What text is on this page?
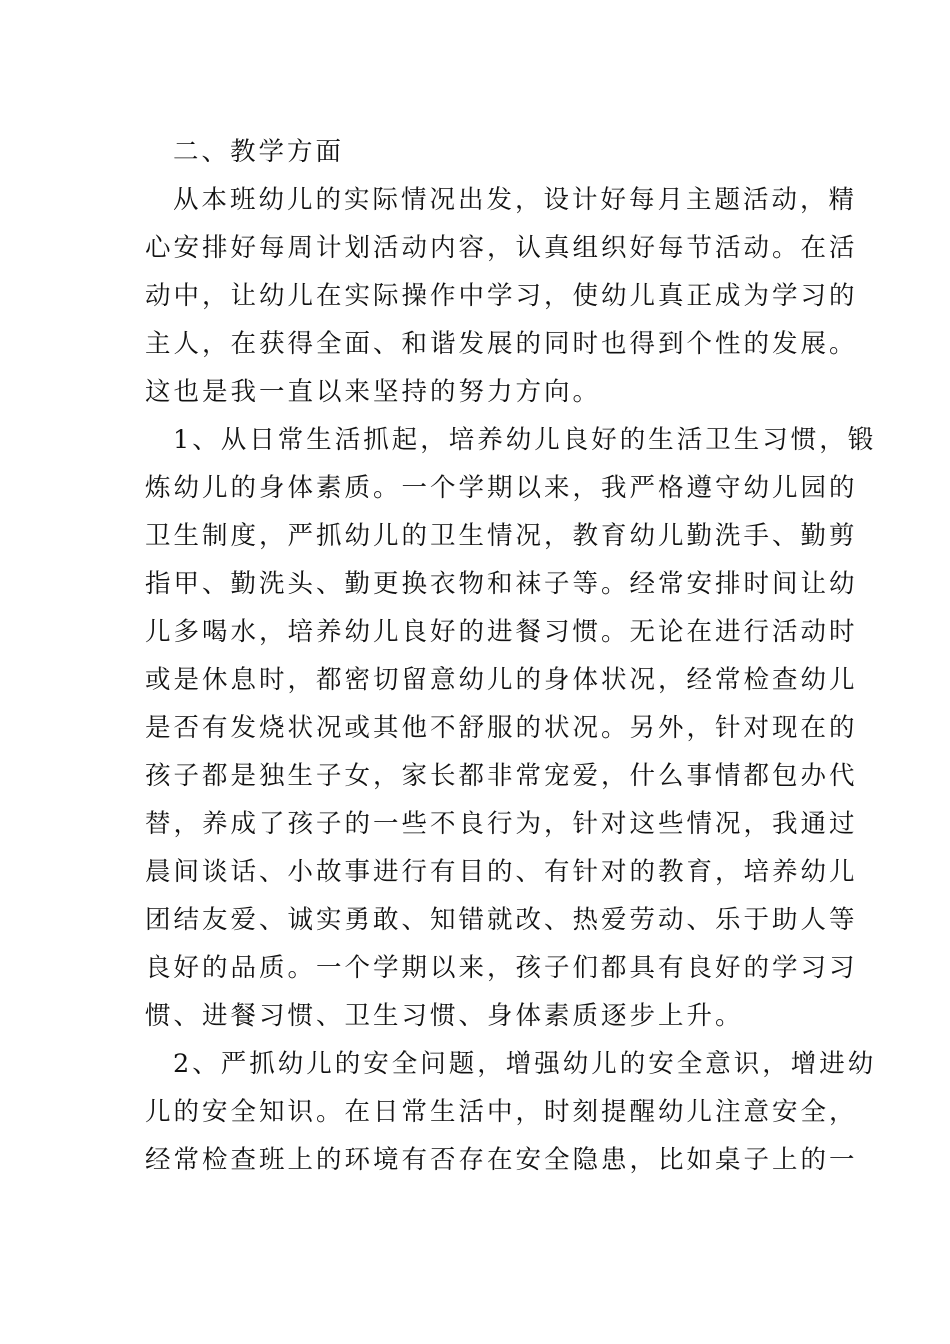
二、教学方面
从本班幼儿的实际情况出发，设计好每月主题活动，精
心安排好每周计划活动内容，认真组织好每节活动。在活
动中，让幼儿在实际操作中学习，使幼儿真正成为学习的
主人，在获得全面、和谐发展的同时也得到个性的发展。
这也是我一直以来坚持的努力方向。
1、从日常生活抓起，培养幼儿良好的生活卫生习惯，锻
炼幼儿的身体素质。一个学期以来，我严格遵守幼儿园的
卫生制度，严抓幼儿的卫生情况，教育幼儿勤洗手、勤剪
指甲、勤洗头、勤更换衣物和袜子等。经常安排时间让幼
儿多喝水，培养幼儿良好的进餐习惯。无论在进行活动时
或是休息时，都密切留意幼儿的身体状况，经常检查幼儿
是否有发烧状况或其他不舒服的状况。另外，针对现在的
孩子都是独生子女，家长都非常宠爱，什么事情都包办代
替，养成了孩子的一些不良行为，针对这些情况，我通过
晨间谈话、小故事进行有目的、有针对的教育，培养幼儿
团结友爱、诚实勇敢、知错就改、热爱劳动、乐于助人等
良好的品质。一个学期以来，孩子们都具有良好的学习习
惯、进餐习惯、卫生习惯、身体素质逐步上升。
2、严抓幼儿的安全问题，增强幼儿的安全意识，增进幼
儿的安全知识。在日常生活中，时刻提醒幼儿注意安全，
经常检查班上的环境有否存在安全隐患，比如桌子上的一
